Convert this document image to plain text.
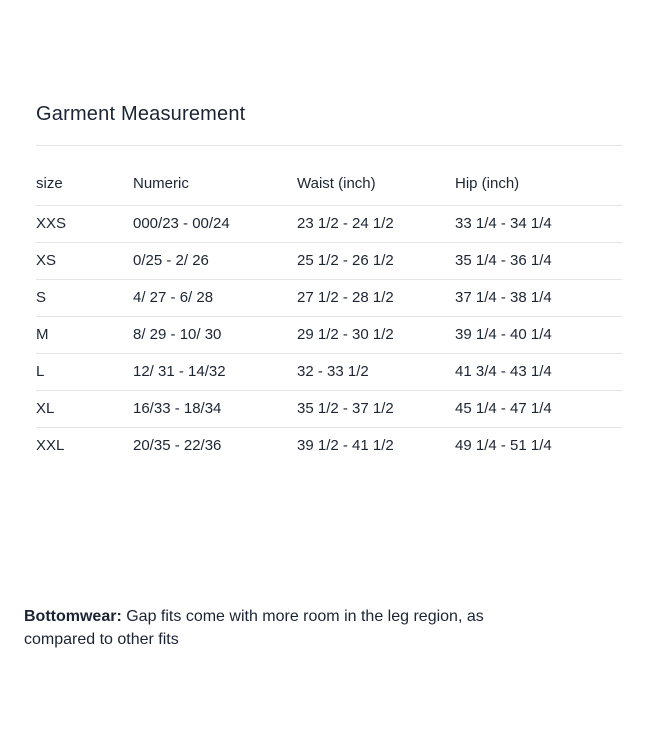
Garment Measurement
size	Numeric	Waist (inch)	Hip (inch)
XXS	000/23 - 00/24	23 1/2 - 24 1/2	33 1/4 - 34 1/4
XS	0/25 - 2/ 26	25 1/2 - 26 1/2	35 1/4 - 36 1/4
S	4/ 27 - 6/ 28	27 1/2 - 28 1/2	37 1/4 - 38 1/4
M	8/ 29 - 10/ 30	29 1/2 - 30 1/2	39 1/4 - 40 1/4
L	12/ 31 - 14/32	32 - 33 1/2	41 3/4 - 43 1/4
XL	16/33 - 18/34	35 1/2 - 37 1/2	45 1/4 - 47 1/4
XXL	20/35 - 22/36	39 1/2 - 41 1/2	49 1/4 - 51 1/4

Bottomwear: Gap fits come with more room in the leg region, as compared to other fits
